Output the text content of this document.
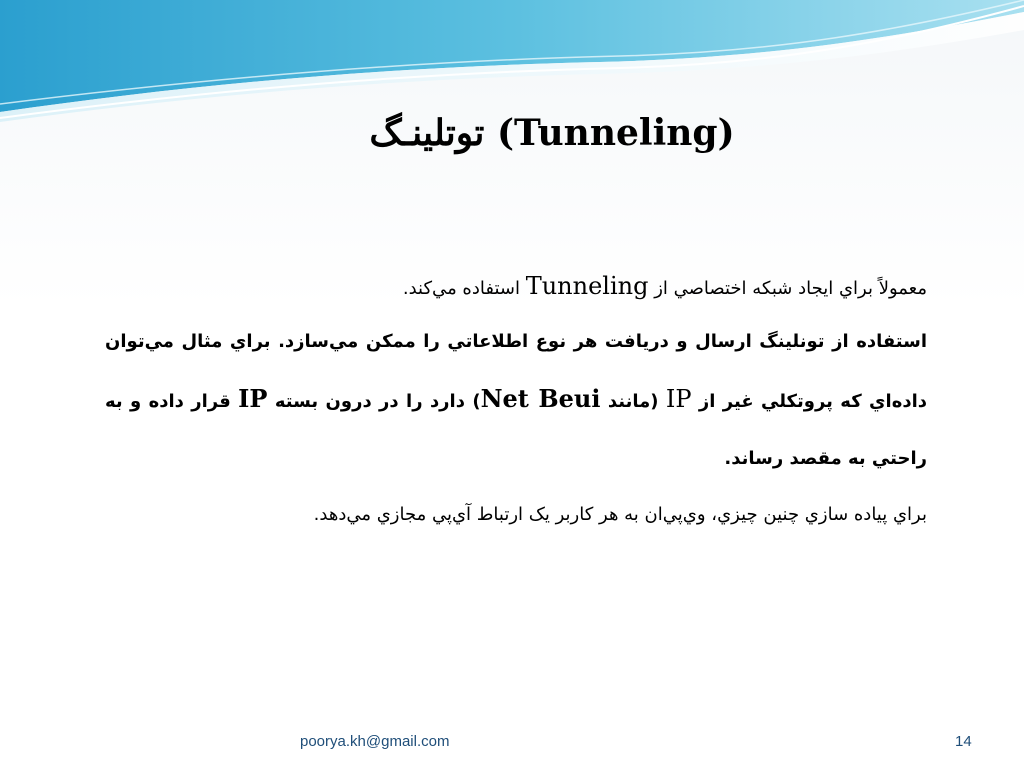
توتلينـگ (Tunneling)
معمولاً براي ايجاد شبکه اختصاصي از Tunneling استفاده مي‌کند.
استفاده از تونلينگ ارسال و دريافت هر نوع اطلاعاتي را ممکن مي‌سازد. براي مثال مي‌توان داده‌اي که پروتکلي غير از IP (مانند Net Beui) دارد را در درون بسته IP قرار داده و به راحتي به مقصد رساند.
براي پياده سازي چنين چيزي، وي‌پي‌ان به هر کاربر يک ارتباط آي‌پي مجازي مي‌دهد.
poorya.kh@gmail.com	14
